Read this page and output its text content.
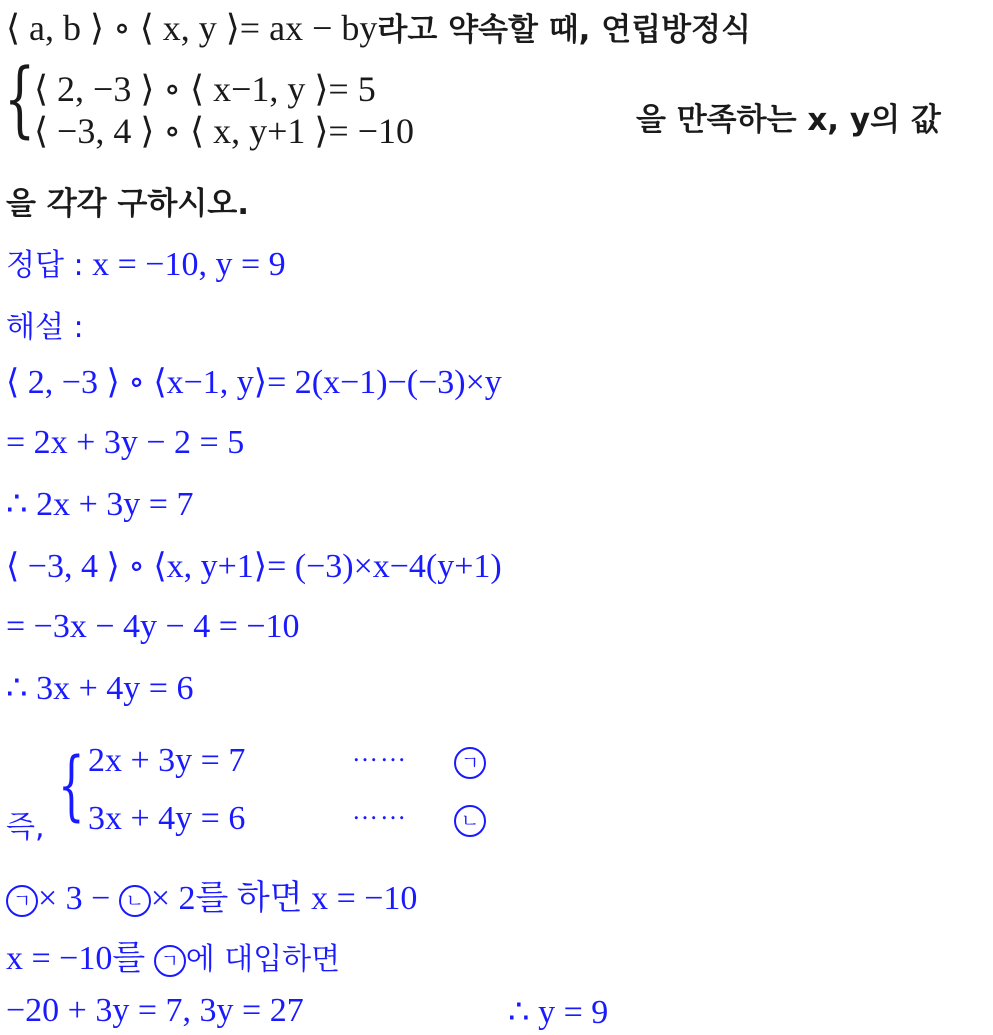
⟨ a, b ⟩ ∘ ⟨ x, y ⟩= ax − by라고 약속할 때, 연립방정식
{
⟨ 2, −3 ⟩ ∘ ⟨ x−1, y ⟩= 5
⟨ −3, 4 ⟩ ∘ ⟨ x, y+1 ⟩= −10	을 만족하는 x, y의 값
을 각각 구하시오.
정답 : x = −10, y = 9
해설 :
⟨ 2, −3 ⟩ ∘ ⟨x−1, y⟩= 2(x−1)−(−3)×y
= 2x + 3y − 2 = 5
∴ 2x + 3y = 7
⟨ −3, 4 ⟩ ∘ ⟨x, y+1⟩= (−3)×x−4(y+1)
= −3x − 4y − 4 = −10
∴ 3x + 4y = 6
즉, { 2x + 3y = 7	……	ㄱ
3x + 4y = 6	……	ㄴ
ㄱ × 3 − ㄴ × 2를 하면 x = −10
x = −10를 ㄱ 에 대입하면
−20 + 3y = 7, 3y = 27	∴ y = 9
